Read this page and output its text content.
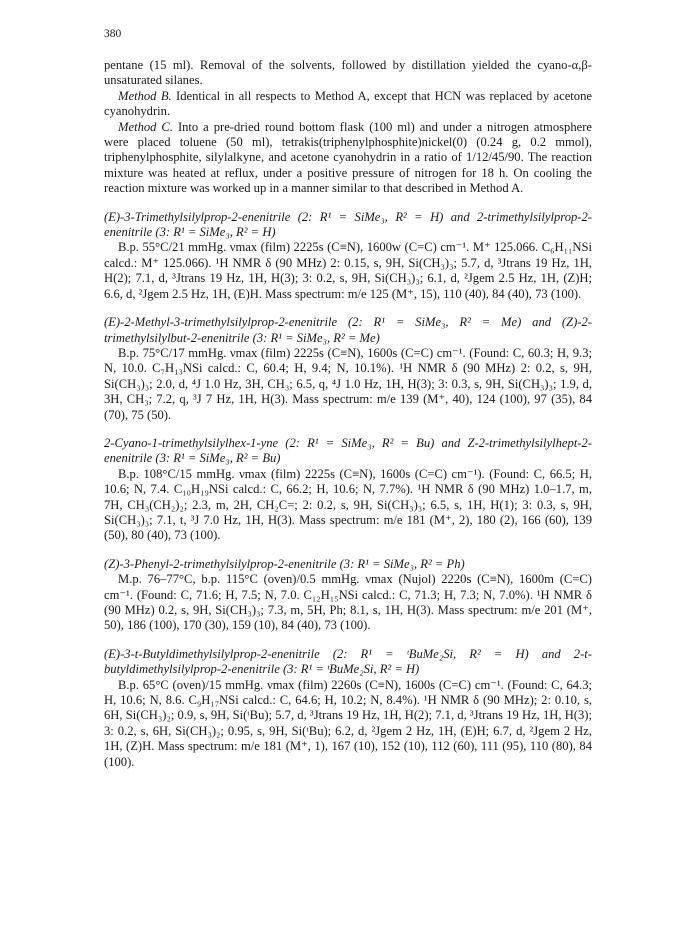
380

pentane (15 ml). Removal of the solvents, followed by distillation yielded the cyano-α,β-unsaturated silanes.

Method B. Identical in all respects to Method A, except that HCN was replaced by acetone cyanohydrin.

Method C. Into a pre-dried round bottom flask (100 ml) and under a nitrogen atmosphere were placed toluene (50 ml), tetrakis(triphenylphosphite)nickel(0) (0.24 g, 0.2 mmol), triphenylphosphite, silylalkyne, and acetone cyanohydrin in a ratio of 1/12/45/90. The reaction mixture was heated at reflux, under a positive pressure of nitrogen for 18 h. On cooling the reaction mixture was worked up in a manner similar to that described in Method A.

(E)-3-Trimethylsilylprop-2-enenitrile (2: R¹ = SiMe₃, R² = H) and 2-trimethylsilylprop-2-enenitrile (3: R¹ = SiMe₃, R² = H)

B.p. 55°C/21 mmHg. νmax (film) 2225s (C≡N), 1600w (C=C) cm⁻¹. M⁺ 125.066. C₆H₁₁NSi calcd.: M⁺ 125.066). ¹H NMR δ (90 MHz) 2: 0.15, s, 9H, Si(CH₃)₃; 5.7, d, ³Jtrans 19 Hz, 1H, H(2); 7.1, d, ³Jtrans 19 Hz, 1H, H(3); 3: 0.2, s, 9H, Si(CH₃)₃; 6.1, d, ²Jgem 2.5 Hz, 1H, (Z)H; 6.6, d, ²Jgem 2.5 Hz, 1H, (E)H. Mass spectrum: m/e 125 (M⁺, 15), 110 (40), 84 (40), 73 (100).

(E)-2-Methyl-3-trimethylsilylprop-2-enenitrile (2: R¹ = SiMe₃, R² = Me) and (Z)-2-trimethylsilylbut-2-enenitrile (3: R¹ = SiMe₃, R² = Me)

B.p. 75°C/17 mmHg. νmax (film) 2225s (C≡N), 1600s (C=C) cm⁻¹. (Found: C, 60.3; H, 9.3; N, 10.0. C₇H₁₃NSi calcd.: C, 60.4; H, 9.4; N, 10.1%). ¹H NMR δ (90 MHz) 2: 0.2, s, 9H, Si(CH₃)₃; 2.0, d, ⁴J 1.0 Hz, 3H, CH₃; 6.5, q, ⁴J 1.0 Hz, 1H, H(3); 3: 0.3, s, 9H, Si(CH₃)₃; 1.9, d, 3H, CH₃; 7.2, q, ³J 7 Hz, 1H, H(3). Mass spectrum: m/e 139 (M⁺, 40), 124 (100), 97 (35), 84 (70), 75 (50).

2-Cyano-1-trimethylsilylhex-1-yne (2: R¹ = SiMe₃, R² = Bu) and Z-2-trimethylsilylhept-2-enenitrile (3: R¹ = SiMe₃, R² = Bu)

B.p. 108°C/15 mmHg. νmax (film) 2225s (C≡N), 1600s (C=C) cm⁻¹). (Found: C, 66.5; H, 10.6; N, 7.4. C₁₀H₁₉NSi calcd.: C, 66.2; H, 10.6; N, 7.7%). ¹H NMR δ (90 MHz) 1.0–1.7, m, 7H, CH₃(CH₂)₂; 2.3, m, 2H, CH₂C=; 2: 0.2, s, 9H, Si(CH₃)₃; 6.5, s, 1H, H(1); 3: 0.3, s, 9H, Si(CH₃)₃; 7.1, t, ³J 7.0 Hz, 1H, H(3). Mass spectrum: m/e 181 (M⁺, 2), 180 (2), 166 (60), 139 (50), 80 (40), 73 (100).

(Z)-3-Phenyl-2-trimethylsilylprop-2-enenitrile (3: R¹ = SiMe₃, R² = Ph)

M.p. 76–77°C, b.p. 115°C (oven)/0.5 mmHg. νmax (Nujol) 2220s (C≡N), 1600m (C=C) cm⁻¹. (Found: C, 71.6; H, 7.5; N, 7.0. C₁₂H₁₅NSi calcd.: C, 71.3; H, 7.3; N, 7.0%). ¹H NMR δ (90 MHz) 0.2, s, 9H, Si(CH₃)₃; 7.3, m, 5H, Ph; 8.1, s, 1H, H(3). Mass spectrum: m/e 201 (M⁺, 50), 186 (100), 170 (30), 159 (10), 84 (40), 73 (100).

(E)-3-t-Butyldimethylsilylprop-2-enenitrile (2: R¹ = ᵗBuMe₂Si, R² = H) and 2-t-butyldimethylsilylprop-2-enenitrile (3: R¹ = ᵗBuMe₂Si, R² = H)

B.p. 65°C (oven)/15 mmHg. νmax (film) 2260s (C≡N), 1600s (C=C) cm⁻¹. (Found: C, 64.3; H, 10.6; N, 8.6. C₉H₁₇NSi calcd.: C, 64.6; H, 10.2; N, 8.4%). ¹H NMR δ (90 MHz); 2: 0.10, s, 6H, Si(CH₃)₂; 0.9, s, 9H, Si(ᵗBu); 5.7, d, ³Jtrans 19 Hz, 1H, H(2); 7.1, d, ³Jtrans 19 Hz, 1H, H(3); 3: 0.2, s, 6H, Si(CH₃)₂; 0.95, s, 9H, Si(ᵗBu); 6.2, d, ²Jgem 2 Hz, 1H, (E)H; 6.7, d, ²Jgem 2 Hz, 1H, (Z)H. Mass spectrum: m/e 181 (M⁺, 1), 167 (10), 152 (10), 112 (60), 111 (95), 110 (80), 84 (100).
